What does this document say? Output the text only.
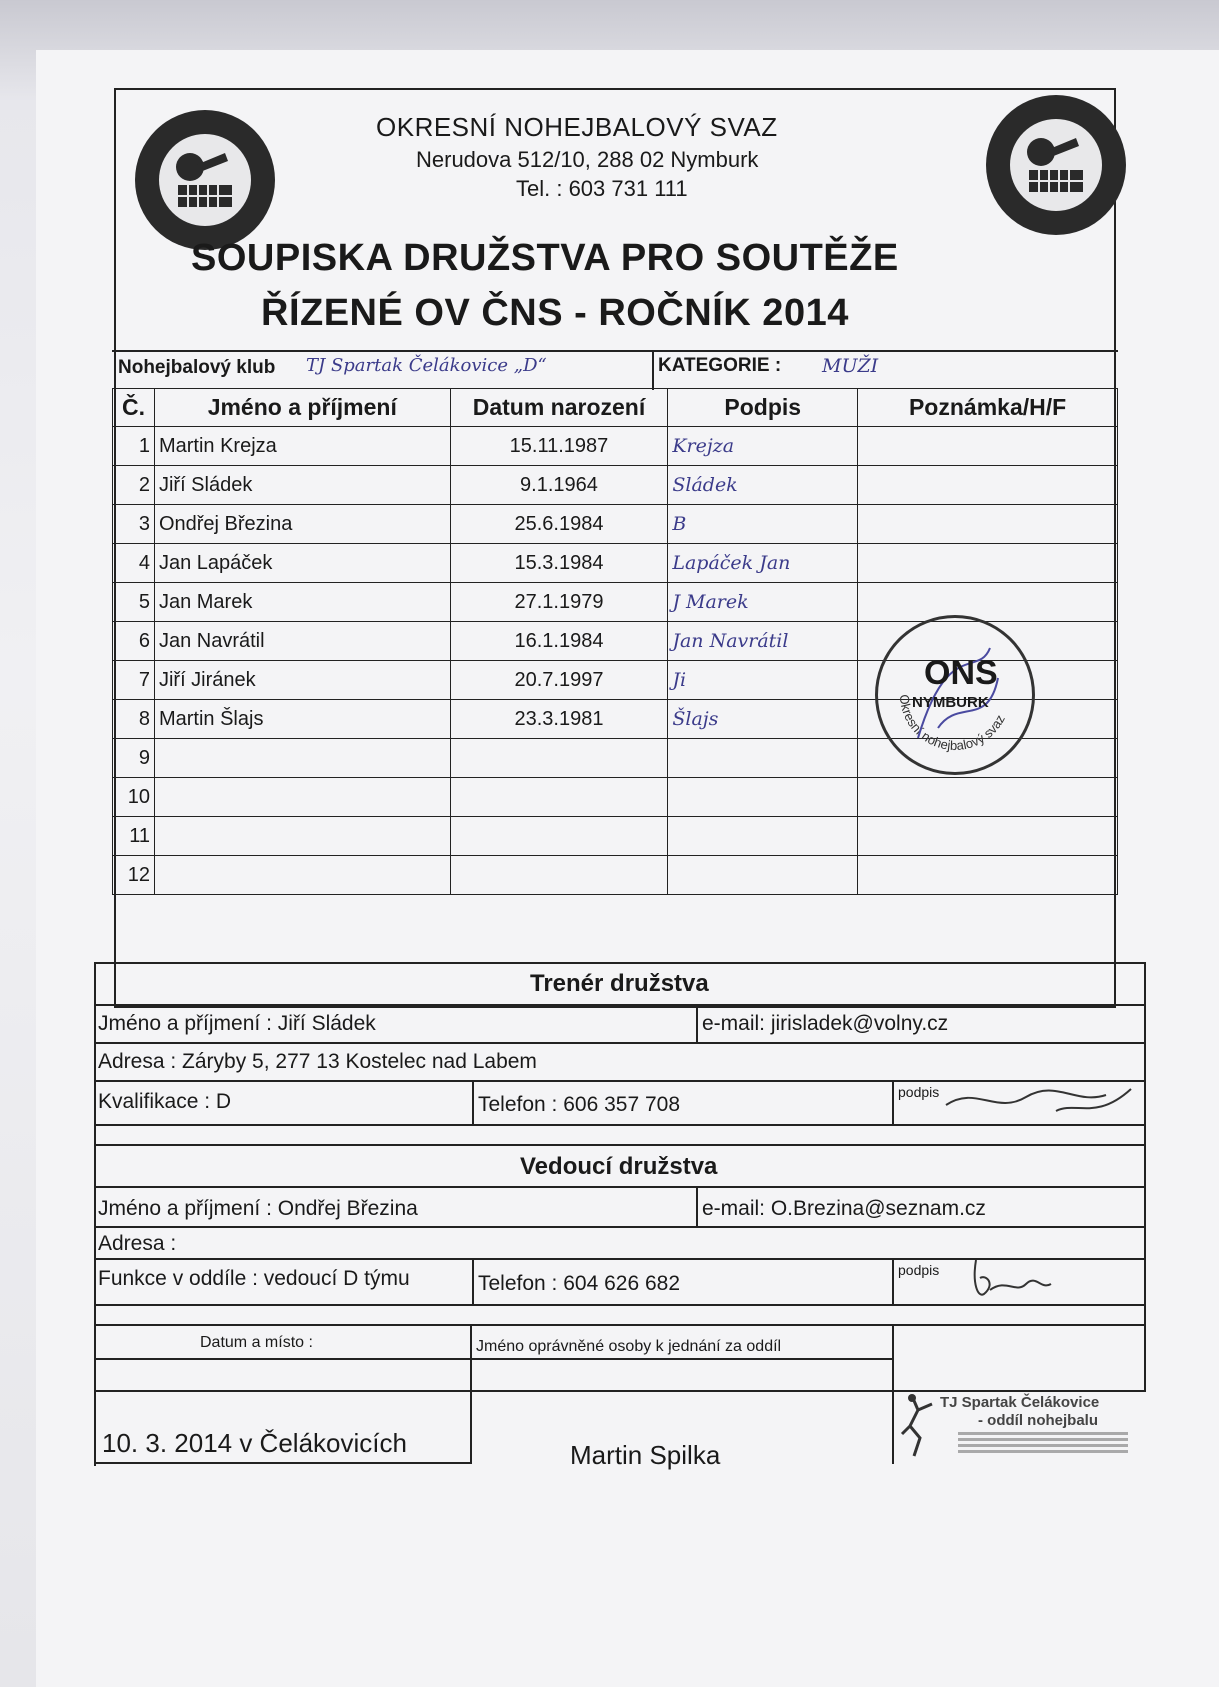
OKRESNÍ NOHEJBALOVÝ SVAZ
Nerudova 512/10, 288 02 Nymburk
Tel. : 603 731 111
SOUPISKA DRUŽSTVA PRO SOUTĚŽE
ŘÍZENÉ OV ČNS - ROČNÍK 2014
Nohejbalový klub TJ Spartak Čelákovice „D“	KATEGORIE : MUŽI
Č.	Jméno a příjmení	Datum narození	Podpis	Poznámka/H/F
1	Martin Krejza	15.11.1987	Krejza	
2	Jiří Sládek	9.1.1964	Sládek	
3	Ondřej Březina	25.6.1984	B	
4	Jan Lapáček	15.3.1984	Lapáček Jan	
5	Jan Marek	27.1.1979	J Marek	
6	Jan Navrátil	16.1.1984	Jan Navrátil	
7	Jiří Jiránek	20.7.1997	Ji	
8	Martin Šlajs	23.3.1981	Šlajs	
9				
10				
11				
12				
Okresní nohejbalový svaz
ONS
NYMBURK
Trenér družstva
Jméno a příjmení : Jiří Sládek	e-mail: jirisladek@volny.cz
Adresa : Záryby 5, 277 13 Kostelec nad Labem
Kvalifikace : D	Telefon : 606 357 708
podpis
Vedoucí družstva
Jméno a příjmení : Ondřej Březina	e-mail: O.Brezina@seznam.cz
Adresa :
Funkce v oddíle : vedoucí D týmu	Telefon : 604 626 682
podpis
Datum a místo :	Jméno oprávněné osoby k jednání za oddíl
10. 3. 2014 v Čelákovicích	Martin Spilka
TJ Spartak Čelákovice
- oddíl nohejbalu
